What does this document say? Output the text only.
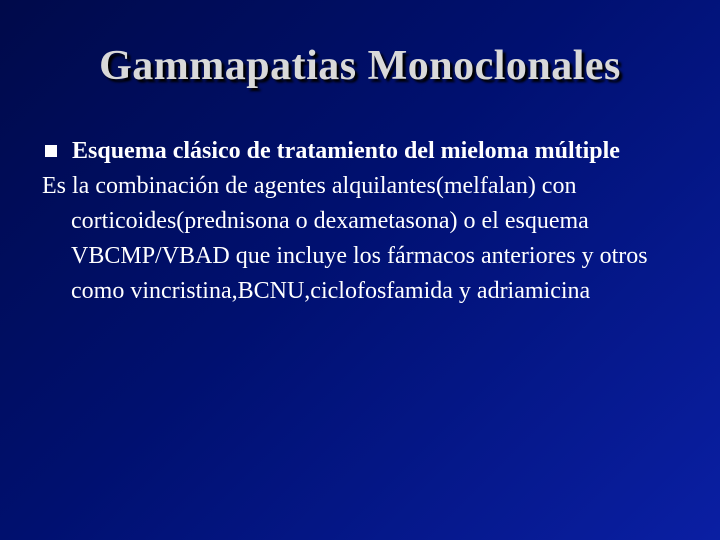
Gammapatias Monoclonales
Esquema clásico de tratamiento del mieloma múltiple
Es la combinación de agentes alquilantes(melfalan) con corticoides(prednisona o dexametasona) o el esquema VBCMP/VBAD que incluye los fármacos anteriores y otros como vincristina,BCNU,ciclofosfamida y adriamicina
